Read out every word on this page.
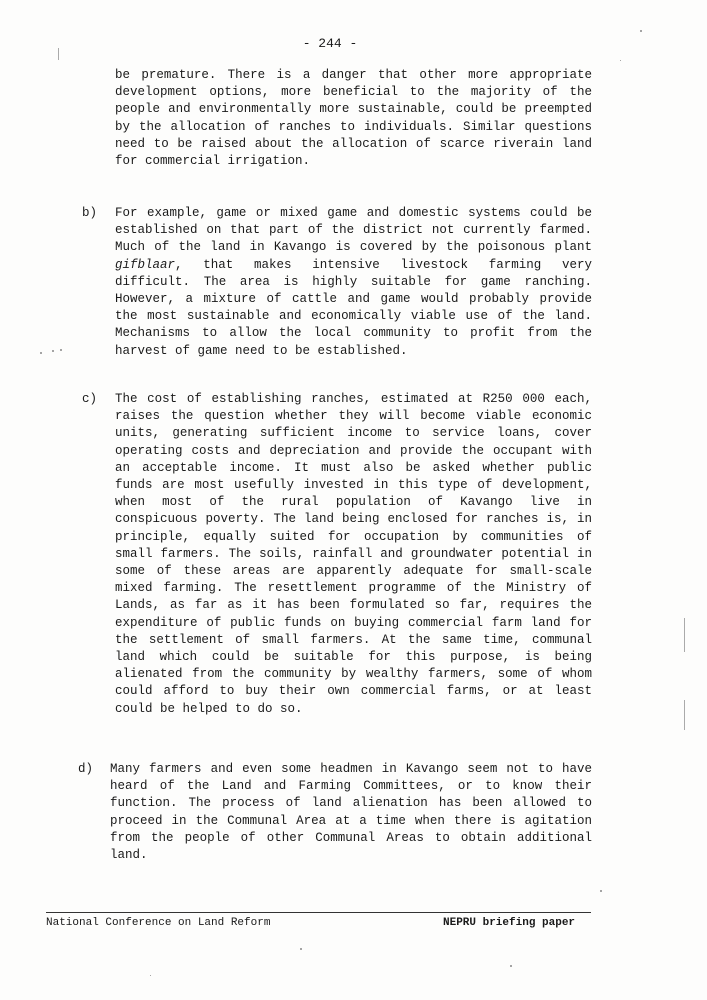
- 244 -

be premature. There is a danger that other more appropriate development options, more beneficial to the majority of the people and environmentally more sustainable, could be preempted by the allocation of ranches to individuals. Similar questions need to be raised about the allocation of scarce riverain land for commercial irrigation.

b) For example, game or mixed game and domestic systems could be established on that part of the district not currently farmed. Much of the land in Kavango is covered by the poisonous plant gifblaar, that makes intensive livestock farming very difficult. The area is highly suitable for game ranching. However, a mixture of cattle and game would probably provide the most sustainable and economically viable use of the land. Mechanisms to allow the local community to profit from the harvest of game need to be established.

c) The cost of establishing ranches, estimated at R250 000 each, raises the question whether they will become viable economic units, generating sufficient income to service loans, cover operating costs and depreciation and provide the occupant with an acceptable income. It must also be asked whether public funds are most usefully invested in this type of development, when most of the rural population of Kavango live in conspicuous poverty. The land being enclosed for ranches is, in principle, equally suited for occupation by communities of small farmers. The soils, rainfall and groundwater potential in some of these areas are apparently adequate for small-scale mixed farming. The resettlement programme of the Ministry of Lands, as far as it has been formulated so far, requires the expenditure of public funds on buying commercial farm land for the settlement of small farmers. At the same time, communal land which could be suitable for this purpose, is being alienated from the community by wealthy farmers, some of whom could afford to buy their own commercial farms, or at least could be helped to do so.

d) Many farmers and even some headmen in Kavango seem not to have heard of the Land and Farming Committees, or to know their function. The process of land alienation has been allowed to proceed in the Communal Area at a time when there is agitation from the people of other Communal Areas to obtain additional land.

National Conference on Land Reform	NEPRU briefing paper
